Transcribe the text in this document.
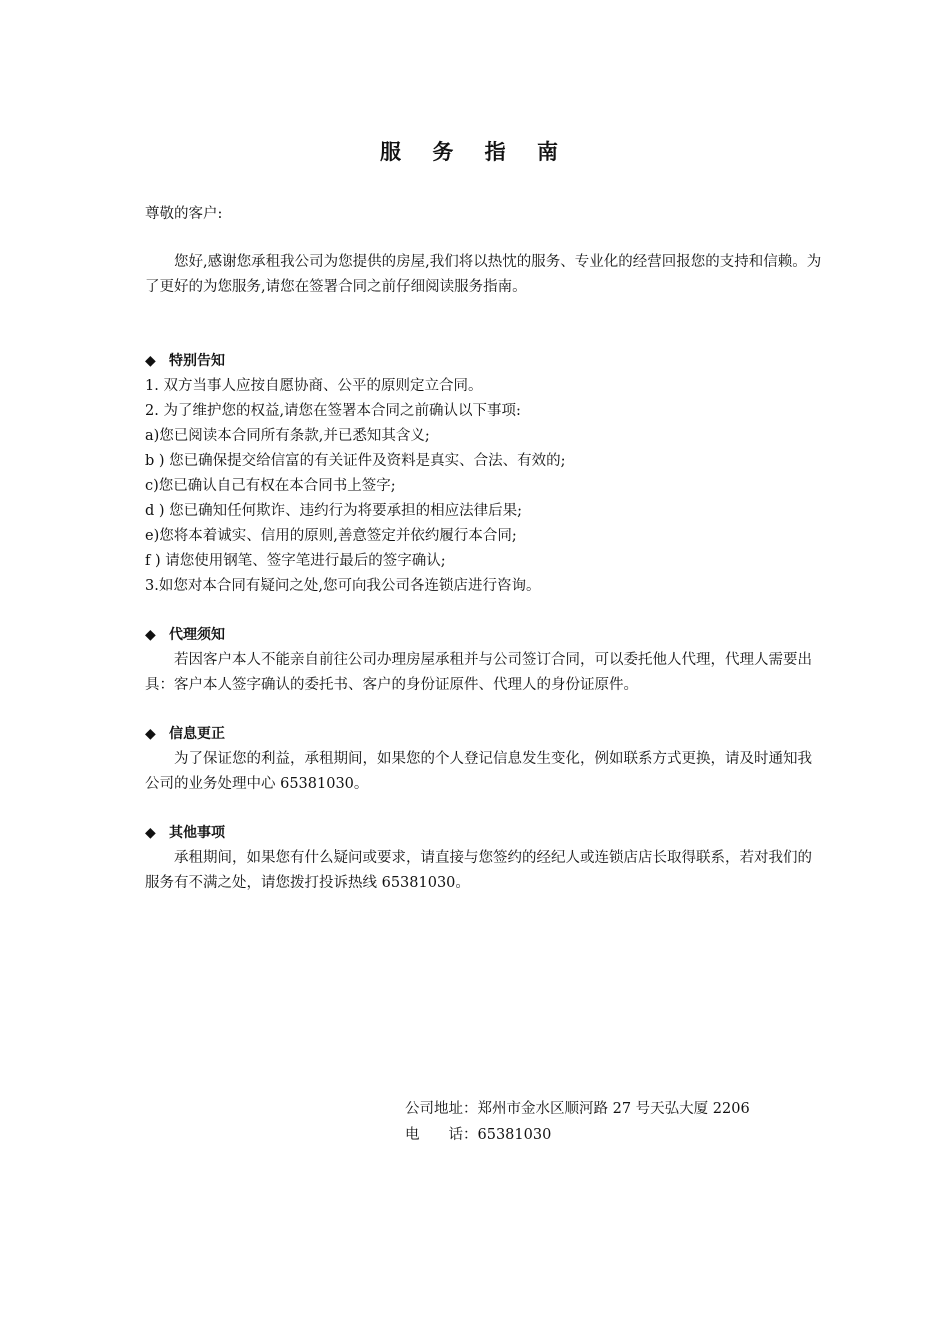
服 务 指 南
尊敬的客户:

您好,感谢您承租我公司为您提供的房屋,我们将以热忱的服务、专业化的经营回报您的支持和信赖。为了更好的为您服务,请您在签署合同之前仔细阅读服务指南。

◆ 特别告知

1. 双方当事人应按自愿协商、公平的原则定立合同。

2. 为了维护您的权益,请您在签署本合同之前确认以下事项:

a)您已阅读本合同所有条款,并已悉知其含义;

b ) 您已确保提交给信富的有关证件及资料是真实、合法、有效的;

c)您已确认自己有权在本合同书上签字;

d ) 您已确知任何欺诈、违约行为将要承担的相应法律后果;

e)您将本着诚实、信用的原则,善意签定并依约履行本合同;

f ) 请您使用钢笔、签字笔进行最后的签字确认;

3.如您对本合同有疑问之处,您可向我公司各连锁店进行咨询。

◆ 代理须知

若因客户本人不能亲自前往公司办理房屋承租并与公司签订合同，可以委托他人代理，代理人需要出具：客户本人签字确认的委托书、客户的身份证原件、代理人的身份证原件。

◆ 信息更正

为了保证您的利益，承租期间，如果您的个人登记信息发生变化，例如联系方式更换，请及时通知我公司的业务处理中心 65381030。

◆ 其他事项

承租期间，如果您有什么疑问或要求，请直接与您签约的经纪人或连锁店店长取得联系，若对我们的服务有不满之处，请您拨打投诉热线 65381030。

公司地址：郑州市金水区顺河路 27 号天弘大厦 2206
电　　话：65381030
